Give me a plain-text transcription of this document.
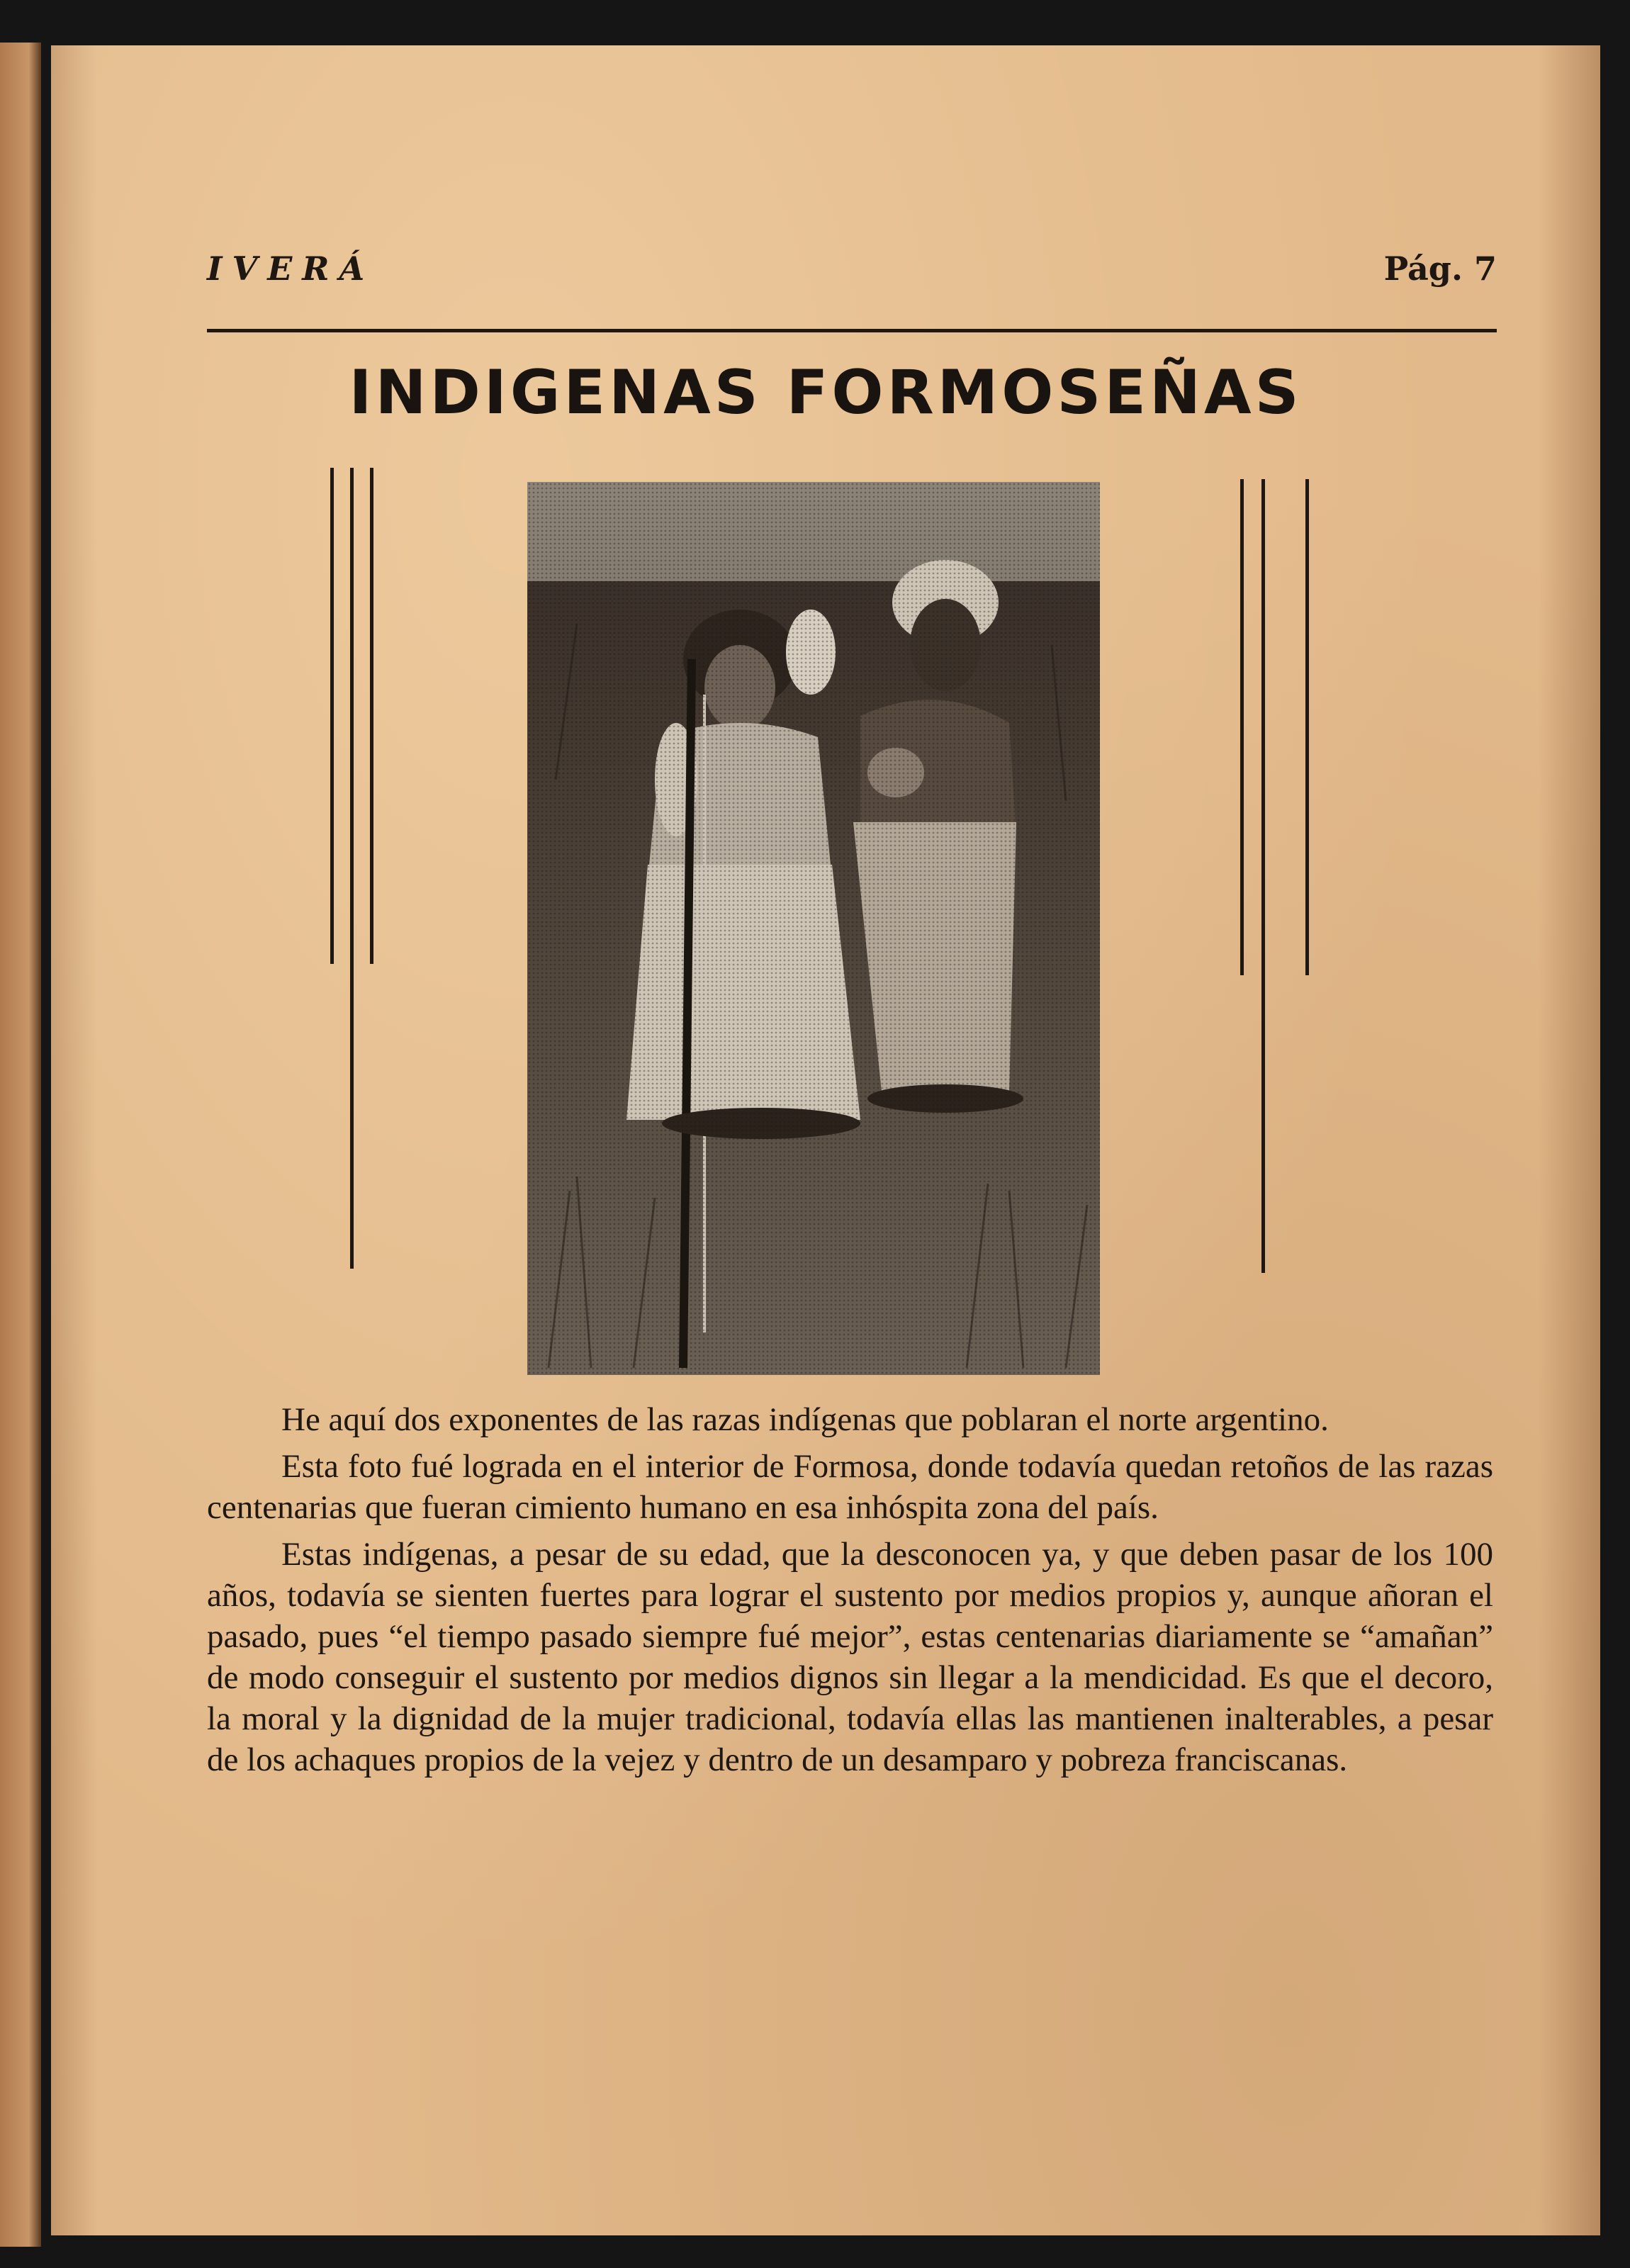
IVERÁ	Pág. 7
INDIGENAS FORMOSEÑAS

He aquí dos exponentes de las razas indígenas que poblaran el norte argentino.

Esta foto fué lograda en el interior de Formosa, donde todavía quedan retoños de las razas centenarias que fueran cimiento humano en esa inhóspita zona del país.

Estas indígenas, a pesar de su edad, que la desconocen ya, y que deben pasar de los 100 años, todavía se sienten fuertes para lograr el sustento por medios propios y, aunque añoran el pasado, pues “el tiempo pasado siempre fué mejor”, estas centenarias diariamente se “amañan” de modo conseguir el sustento por medios dignos sin llegar a la mendicidad. Es que el decoro, la moral y la dignidad de la mujer tradicional, todavía ellas las mantienen inalterables, a pesar de los achaques propios de la vejez y dentro de un desamparo y pobreza franciscanas.
